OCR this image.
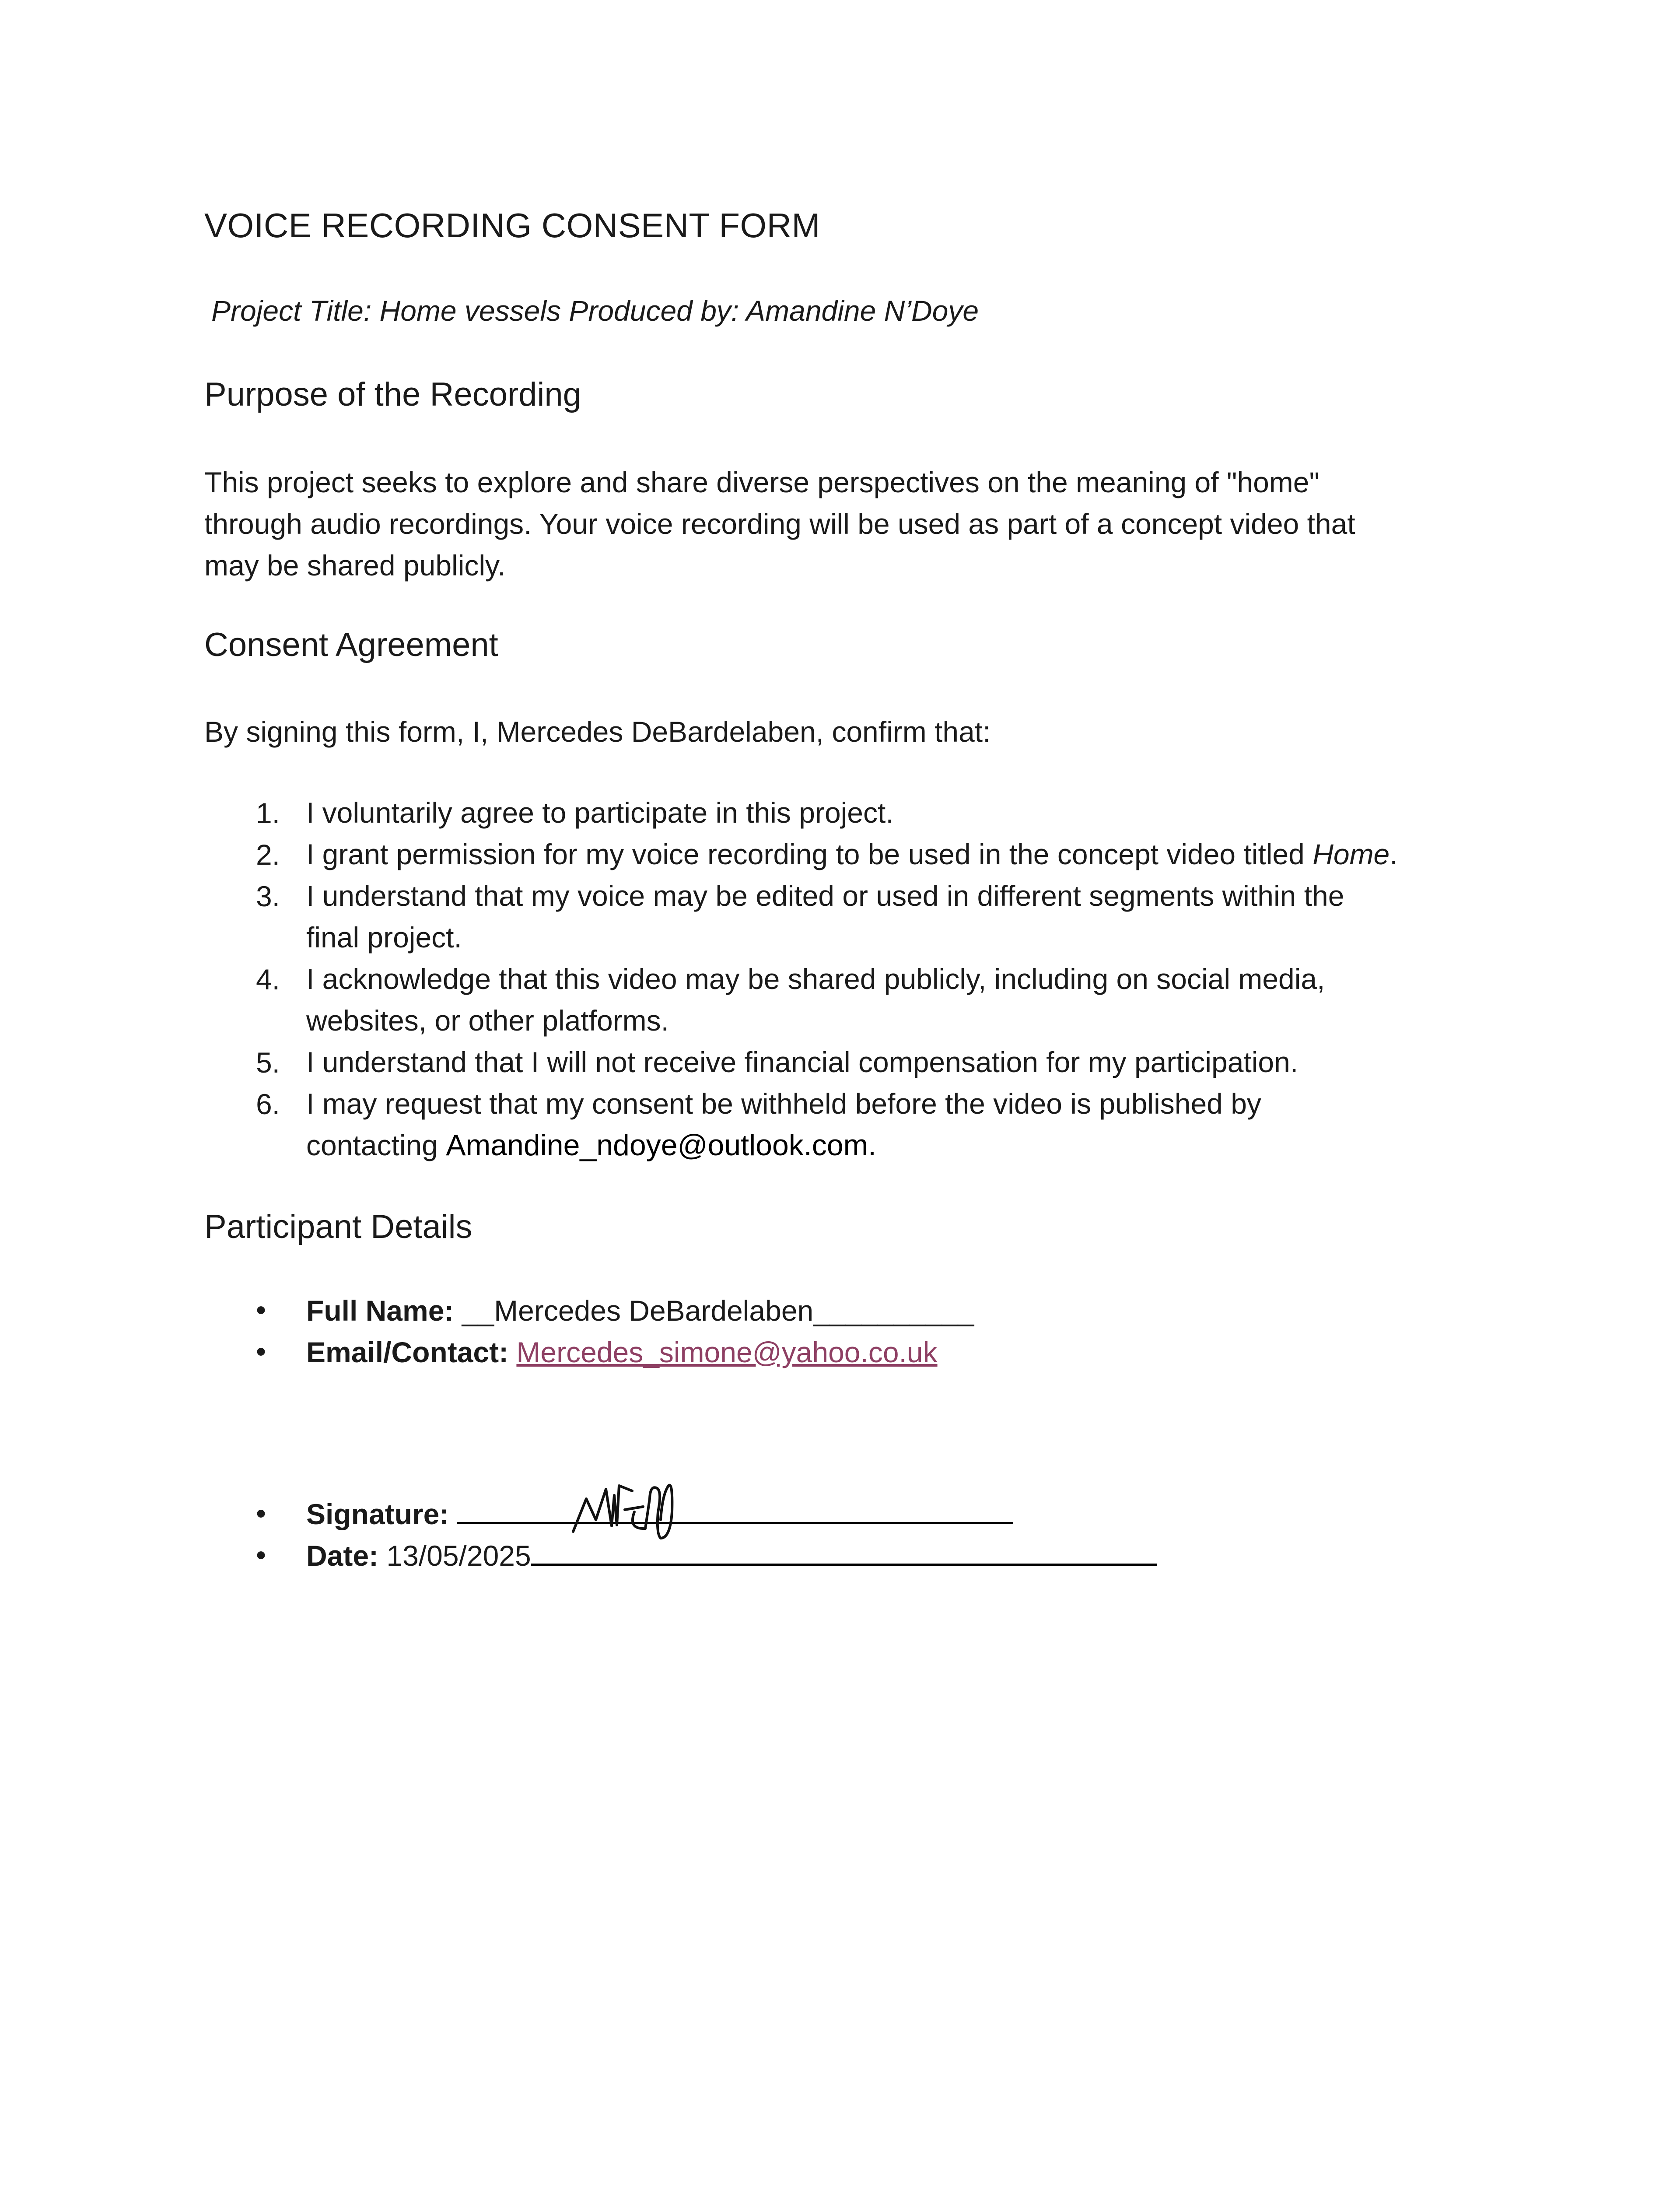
VOICE RECORDING CONSENT FORM
Project Title: Home vessels Produced by: Amandine N’Doye
Purpose of the Recording
This project seeks to explore and share diverse perspectives on the meaning of "home"
through audio recordings. Your voice recording will be used as part of a concept video that
may be shared publicly.
Consent Agreement
By signing this form, I, Mercedes DeBardelaben, confirm that:
1. I voluntarily agree to participate in this project.
2. I grant permission for my voice recording to be used in the concept video titled Home.
3. I understand that my voice may be edited or used in different segments within the
final project.
4. I acknowledge that this video may be shared publicly, including on social media,
websites, or other platforms.
5. I understand that I will not receive financial compensation for my participation.
6. I may request that my consent be withheld before the video is published by
contacting Amandine_ndoye@outlook.com.
Participant Details
• Full Name: __Mercedes DeBardelaben__________
• Email/Contact: Mercedes_simone@yahoo.co.uk
• Signature:
• Date: 13/05/2025
